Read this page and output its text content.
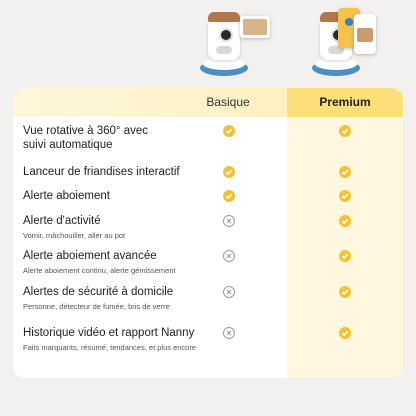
Basique	Premium
Vue rotative à 360° avec suivi automatique
Lanceur de friandises interactif
Alerte aboiement
Alerte d'activité
Vomir, mâchouiller, aller au pot
Alerte aboiement avancée
Alerte aboiement continu, alerte gémissement
Alertes de sécurité à domicile
Personne, détecteur de fumée, bris de verre
Historique vidéo et rapport Nanny
Faits marquants, résumé, tendances, et plus encore
